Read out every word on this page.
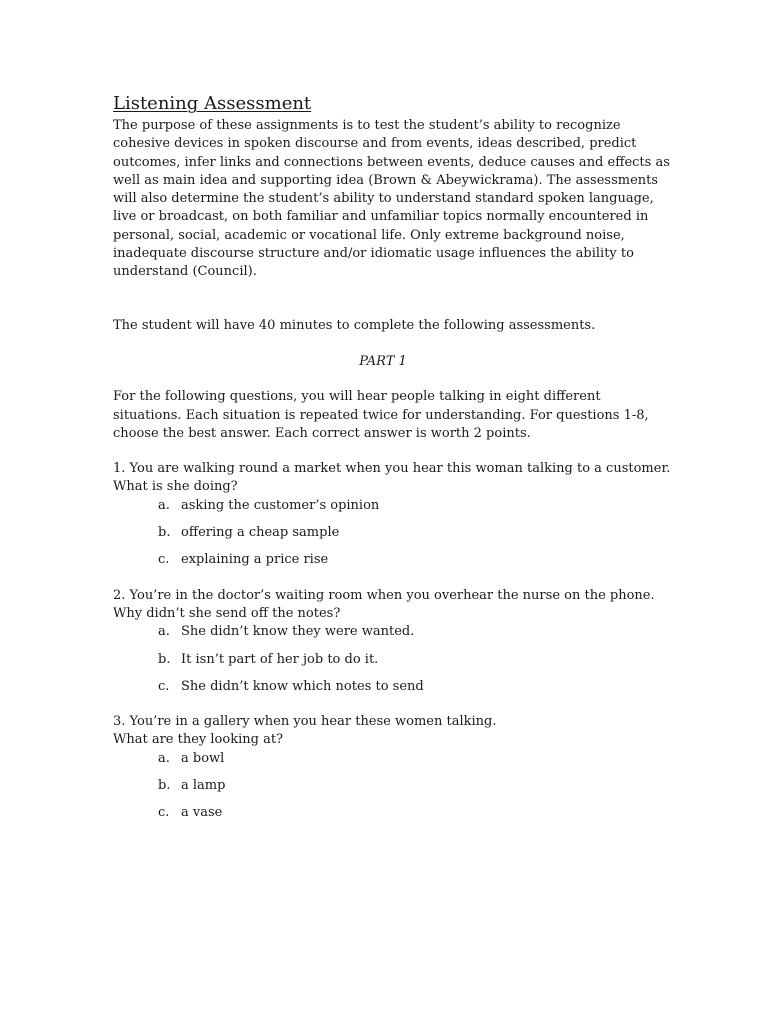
Listening Assessment

The purpose of these assignments is to test the student’s ability to recognize cohesive devices in spoken discourse and from events, ideas described, predict outcomes, infer links and connections between events, deduce causes and effects as well as main idea and supporting idea (Brown & Abeywickrama). The assessments will also determine the student’s ability to understand standard spoken language, live or broadcast, on both familiar and unfamiliar topics normally encountered in personal, social, academic or vocational life. Only extreme background noise, inadequate discourse structure and/or idiomatic usage influences the ability to understand (Council).

The student will have 40 minutes to complete the following assessments.

PART 1

For the following questions, you will hear people talking in eight different situations. Each situation is repeated twice for understanding. For questions 1-8, choose the best answer. Each correct answer is worth 2 points.

1. You are walking round a market when you hear this woman talking to a customer.
What is she doing?

a. asking the customer’s opinion
b. offering a cheap sample
c. explaining a price rise

2. You’re in the doctor’s waiting room when you overhear the nurse on the phone.
Why didn’t she send off the notes?

a. She didn’t know they were wanted.
b. It isn’t part of her job to do it.
c. She didn’t know which notes to send

3. You’re in a gallery when you hear these women talking.
What are they looking at?

a. a bowl
b. a lamp
c. a vase
